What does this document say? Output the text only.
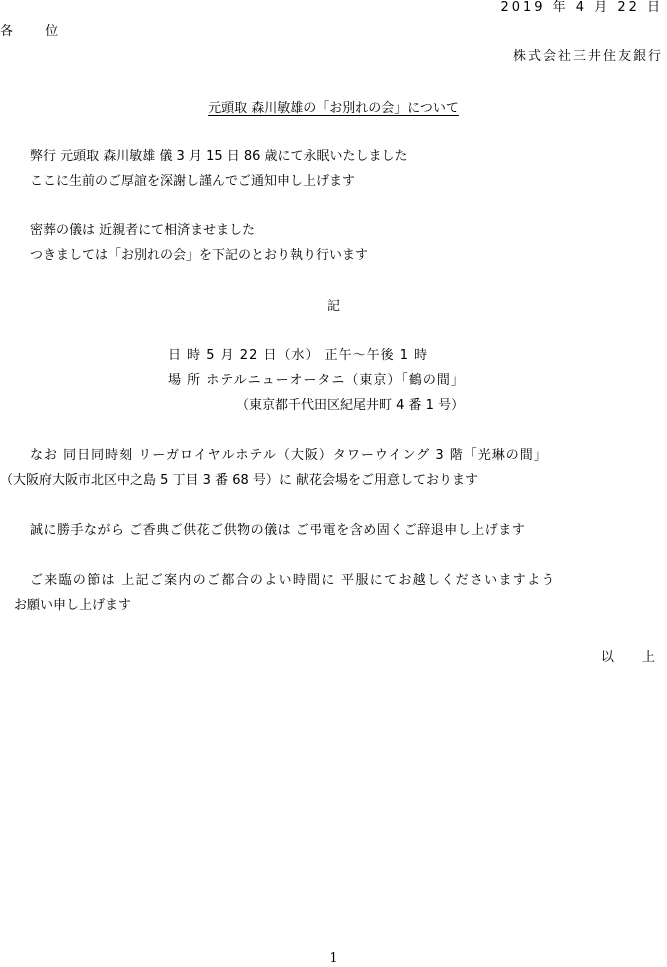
2019 年 4 月 22 日

各 位

株式会社三井住友銀行

元頭取 森川敏雄の「お別れの会」について

弊行 元頭取 森川敏雄 儀 3 月 15 日 86 歳にて永眠いたしました

ここに生前のご厚誼を深謝し謹んでご通知申し上げます

密葬の儀は 近親者にて相済ませました

つきましては「お別れの会」を下記のとおり執り行います

記

日 時 5 月 22 日（水） 正午～午後 1 時

場 所 ホテルニューオータニ（東京）「鶴の間」

（東京都千代田区紀尾井町 4 番 1 号）

なお 同日同時刻 リーガロイヤルホテル（大阪）タワーウイング 3 階「光琳の間」

（大阪府大阪市北区中之島 5 丁目 3 番 68 号）に 献花会場をご用意しております

誠に勝手ながら ご香典ご供花ご供物の儀は ご弔電を含め固くご辞退申し上げます

ご来臨の節は 上記ご案内のご都合のよい時間に 平服にてお越しくださいますよう

お願い申し上げます

以 上

1
